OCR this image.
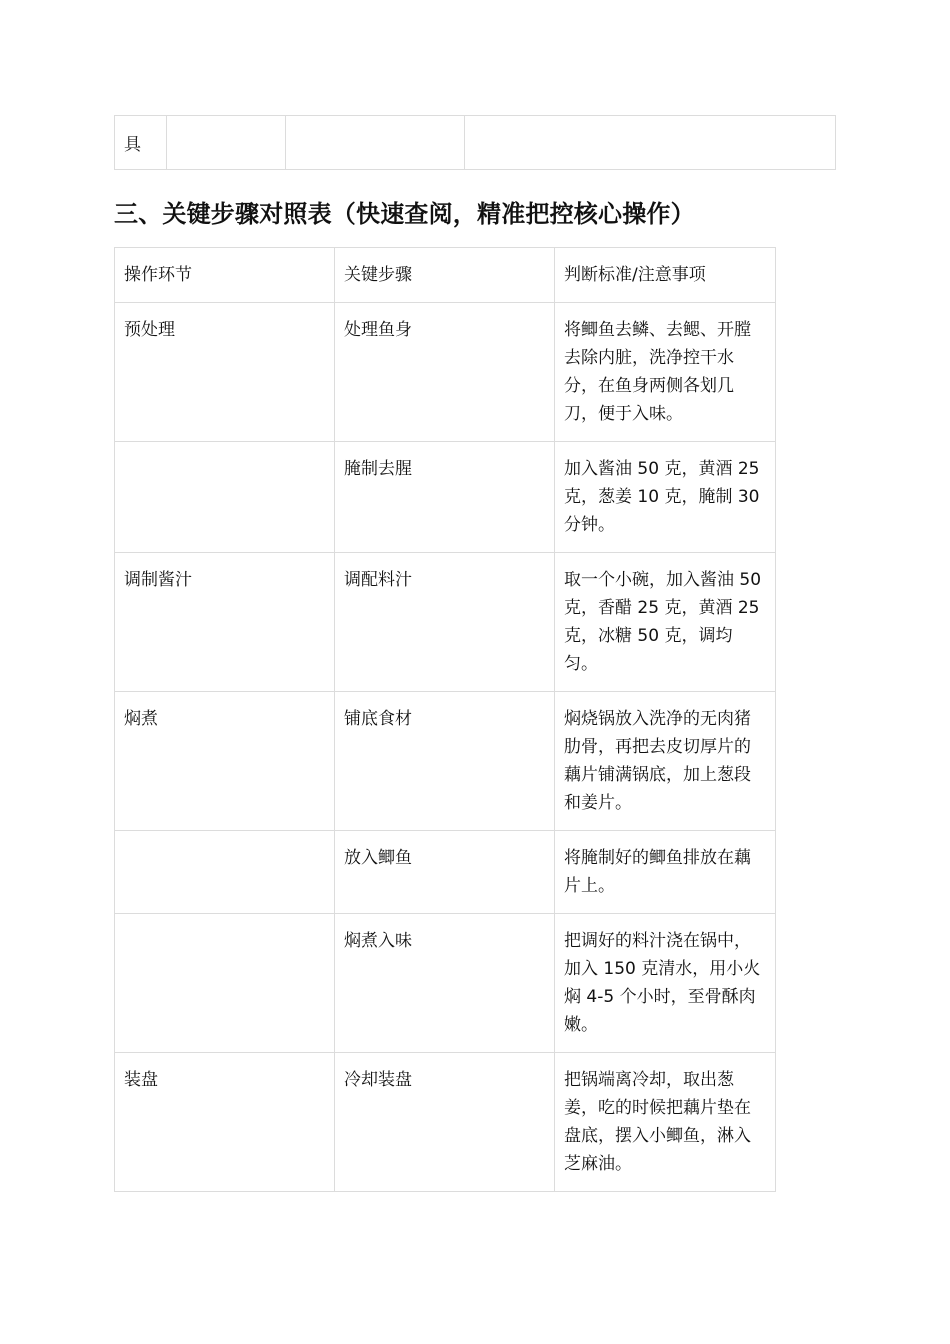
具			
三、关键步骤对照表（快速查阅，精准把控核心操作）
操作环节	关键步骤	判断标准/注意事项
预处理	处理鱼身	将鲫鱼去鳞、去鳃、开膛去除内脏，洗净控干水分，在鱼身两侧各划几刀，便于入味。
	腌制去腥	加入酱油 50 克，黄酒 25 克，葱姜 10 克，腌制 30 分钟。
调制酱汁	调配料汁	取一个小碗，加入酱油 50 克，香醋 25 克，黄酒 25 克，冰糖 50 克，调均匀。
焖煮	铺底食材	焖烧锅放入洗净的无肉猪肋骨，再把去皮切厚片的藕片铺满锅底，加上葱段和姜片。
	放入鲫鱼	将腌制好的鲫鱼排放在藕片上。
	焖煮入味	把调好的料汁浇在锅中，加入 150 克清水，用小火焖 4-5 个小时，至骨酥肉嫩。
装盘	冷却装盘	把锅端离冷却，取出葱姜，吃的时候把藕片垫在盘底，摆入小鲫鱼，淋入芝麻油。
